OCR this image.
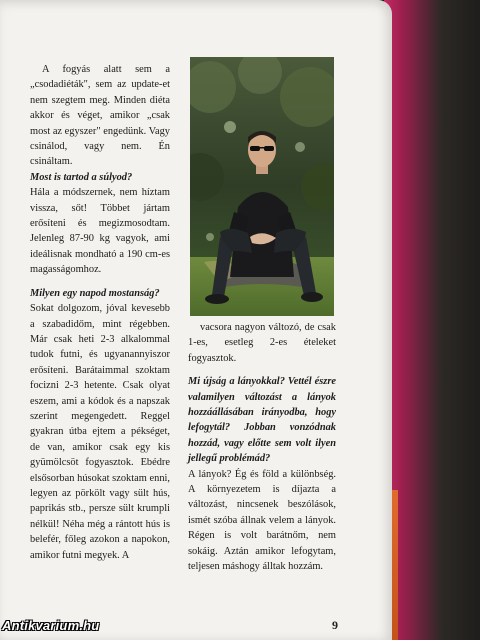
A fogyás alatt sem a „csodadiéták", sem az update-et nem szegtem meg. Minden diéta akkor és véget, amikor „csak most az egyszer" engedünk. Vagy csinálod, vagy nem. Én csináltam.

Most is tartod a súlyod?

Hála a módszernek, nem híztam vissza, sőt! Többet jártam erősíteni és megizmosodtam. Jelenleg 87-90 kg vagyok, ami ideálisnak mondható a 190 cm-es magasságomhoz.

Milyen egy napod mostanság?

Sokat dolgozom, jóval kevesebb a szabadidőm, mint régebben. Már csak heti 2-3 alkalommal tudok futni, és ugyanannyiszor erősíteni. Barátaimmal szoktam focizni 2-3 hetente. Csak olyat eszem, ami a kódok és a napszak szerint megengedett. Reggel gyakran útba ejtem a pékséget, de van, amikor csak egy kis gyümölcsöt fogyasztok. Ebédre elsősorban húsokat szoktam enni, legyen az pörkölt vagy sült hús, paprikás stb., persze sült krumpli nélkül! Néha még a rántott hús is belefér, főleg azokon a napokon, amikor futni megyek. A

vacsora nagyon változó, de csak 1-es, esetleg 2-es ételeket fogyasztok.

Mi újság a lányokkal? Vettél észre valamilyen változást a lányok hozzáállásában irányodba, hogy lefogytál? Jobban vonzódnak hozzád, vagy előtte sem volt ilyen jellegű problémád?

A lányok? Ég és föld a különbség. A környezetem is díjazta a változást, nincsenek beszólások, ismét szóba állnak velem a lányok. Régen is volt barátnőm, nem sokáig. Aztán amikor lefogytam, teljesen máshogy álltak hozzám.

9
Antikvarium.hu
